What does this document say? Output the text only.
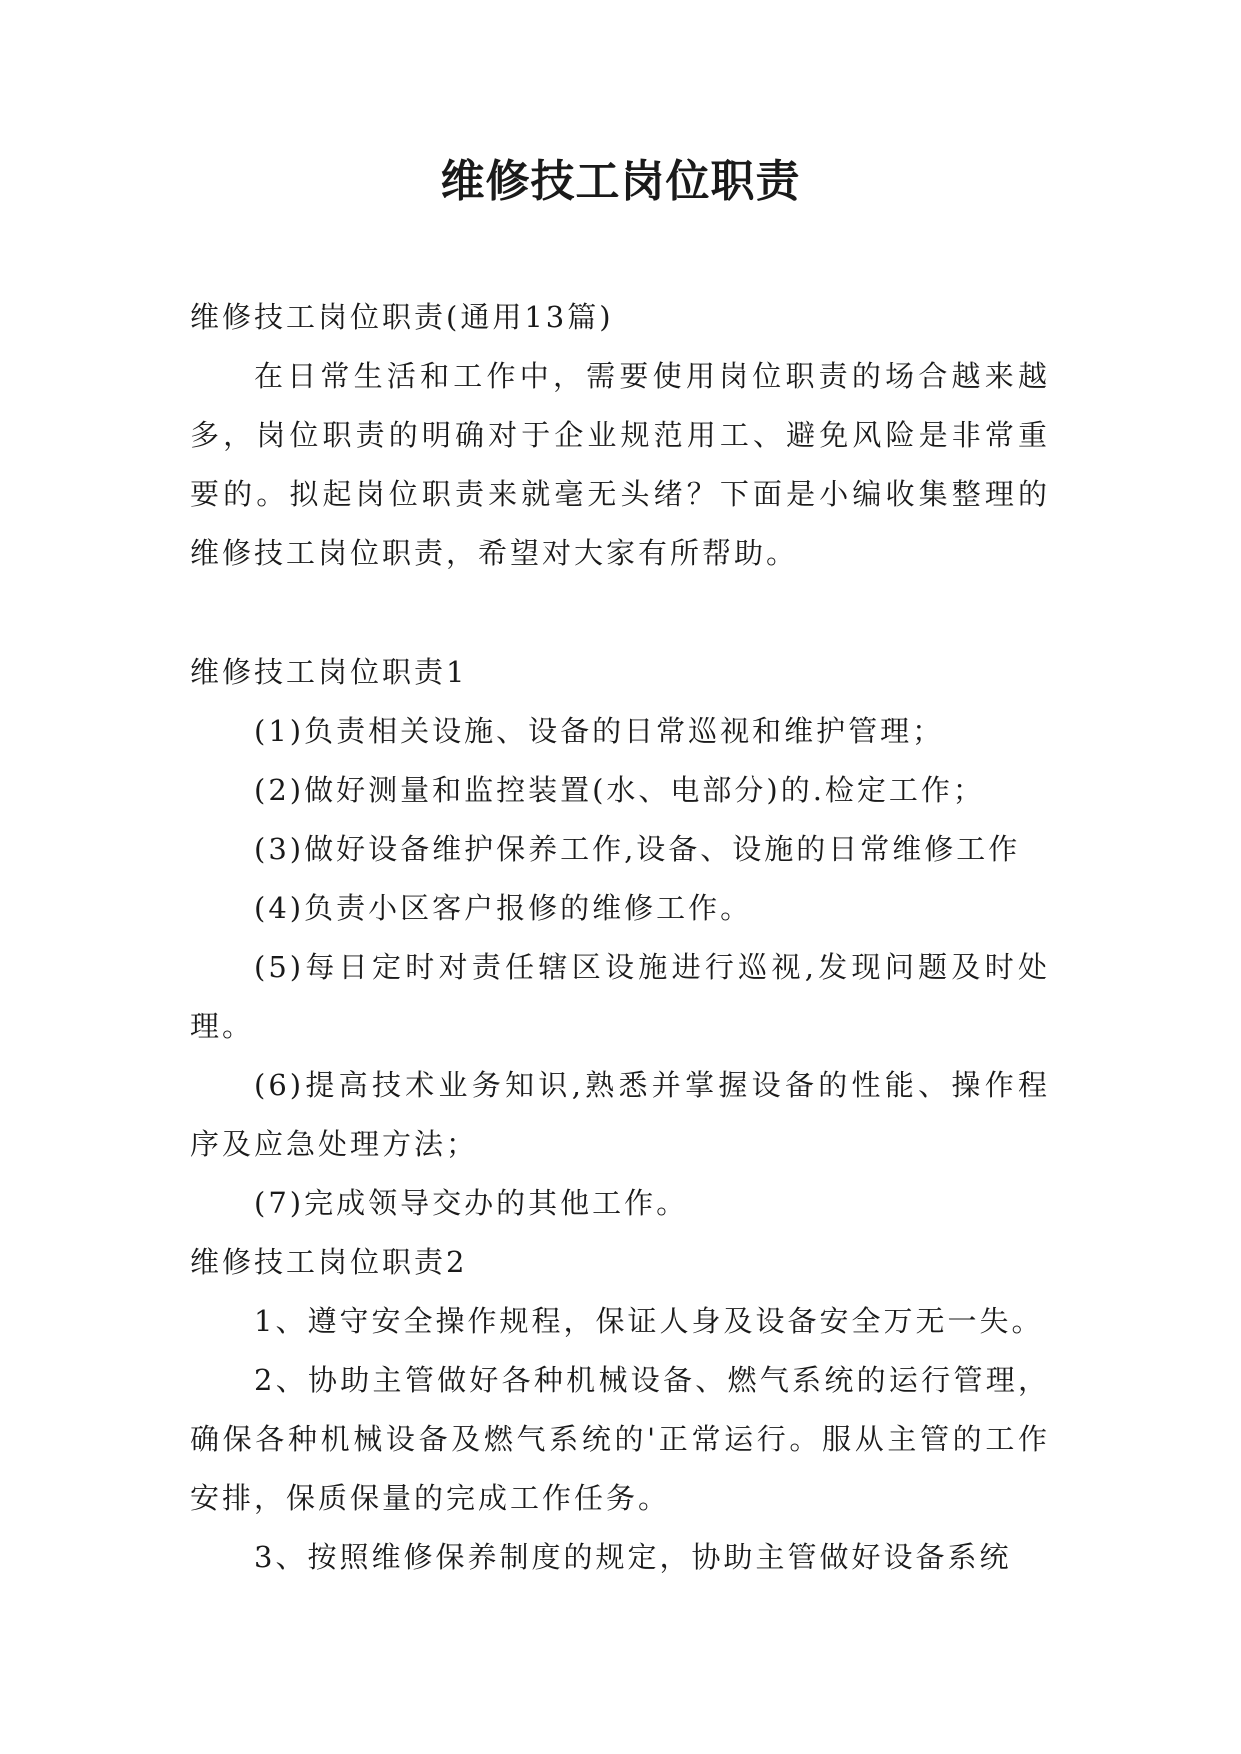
维修技工岗位职责

维修技工岗位职责(通用13篇)

在日常生活和工作中，需要使用岗位职责的场合越来越多，岗位职责的明确对于企业规范用工、避免风险是非常重要的。拟起岗位职责来就毫无头绪？下面是小编收集整理的维修技工岗位职责，希望对大家有所帮助。

维修技工岗位职责1

(1)负责相关设施、设备的日常巡视和维护管理；

(2)做好测量和监控装置(水、电部分)的.检定工作；

(3)做好设备维护保养工作,设备、设施的日常维修工作

(4)负责小区客户报修的维修工作。

(5)每日定时对责任辖区设施进行巡视,发现问题及时处理。

(6)提高技术业务知识,熟悉并掌握设备的性能、操作程序及应急处理方法；

(7)完成领导交办的其他工作。

维修技工岗位职责2

1、遵守安全操作规程，保证人身及设备安全万无一失。

2、协助主管做好各种机械设备、燃气系统的运行管理，确保各种机械设备及燃气系统的'正常运行。服从主管的工作安排，保质保量的完成工作任务。

3、按照维修保养制度的规定，协助主管做好设备系统
